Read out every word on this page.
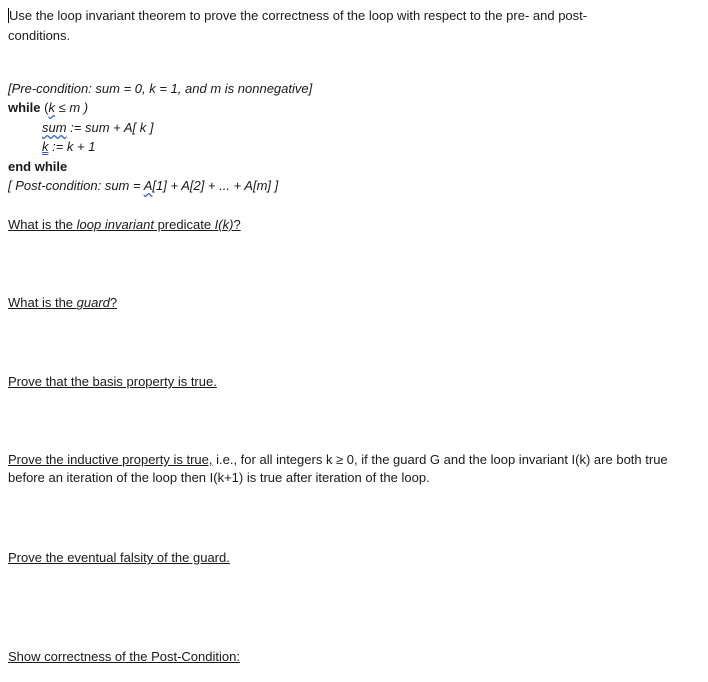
Use the loop invariant theorem to prove the correctness of the loop with respect to the pre- and post-
conditions.
[Pre-condition: sum = 0, k = 1, and m is nonnegative]
while (k ≤ m )
sum := sum + A[ k ]
k := k + 1
end while
[ Post-condition: sum = A[1] + A[2] + ... + A[m] ]
What is the loop invariant predicate I(k)?
What is the guard?
Prove that the basis property is true.
Prove the inductive property is true, i.e., for all integers k ≥ 0, if the guard G and the loop invariant I(k) are both true before an iteration of the loop then I(k+1) is true after iteration of the loop.
Prove the eventual falsity of the guard.
Show correctness of the Post-Condition:
